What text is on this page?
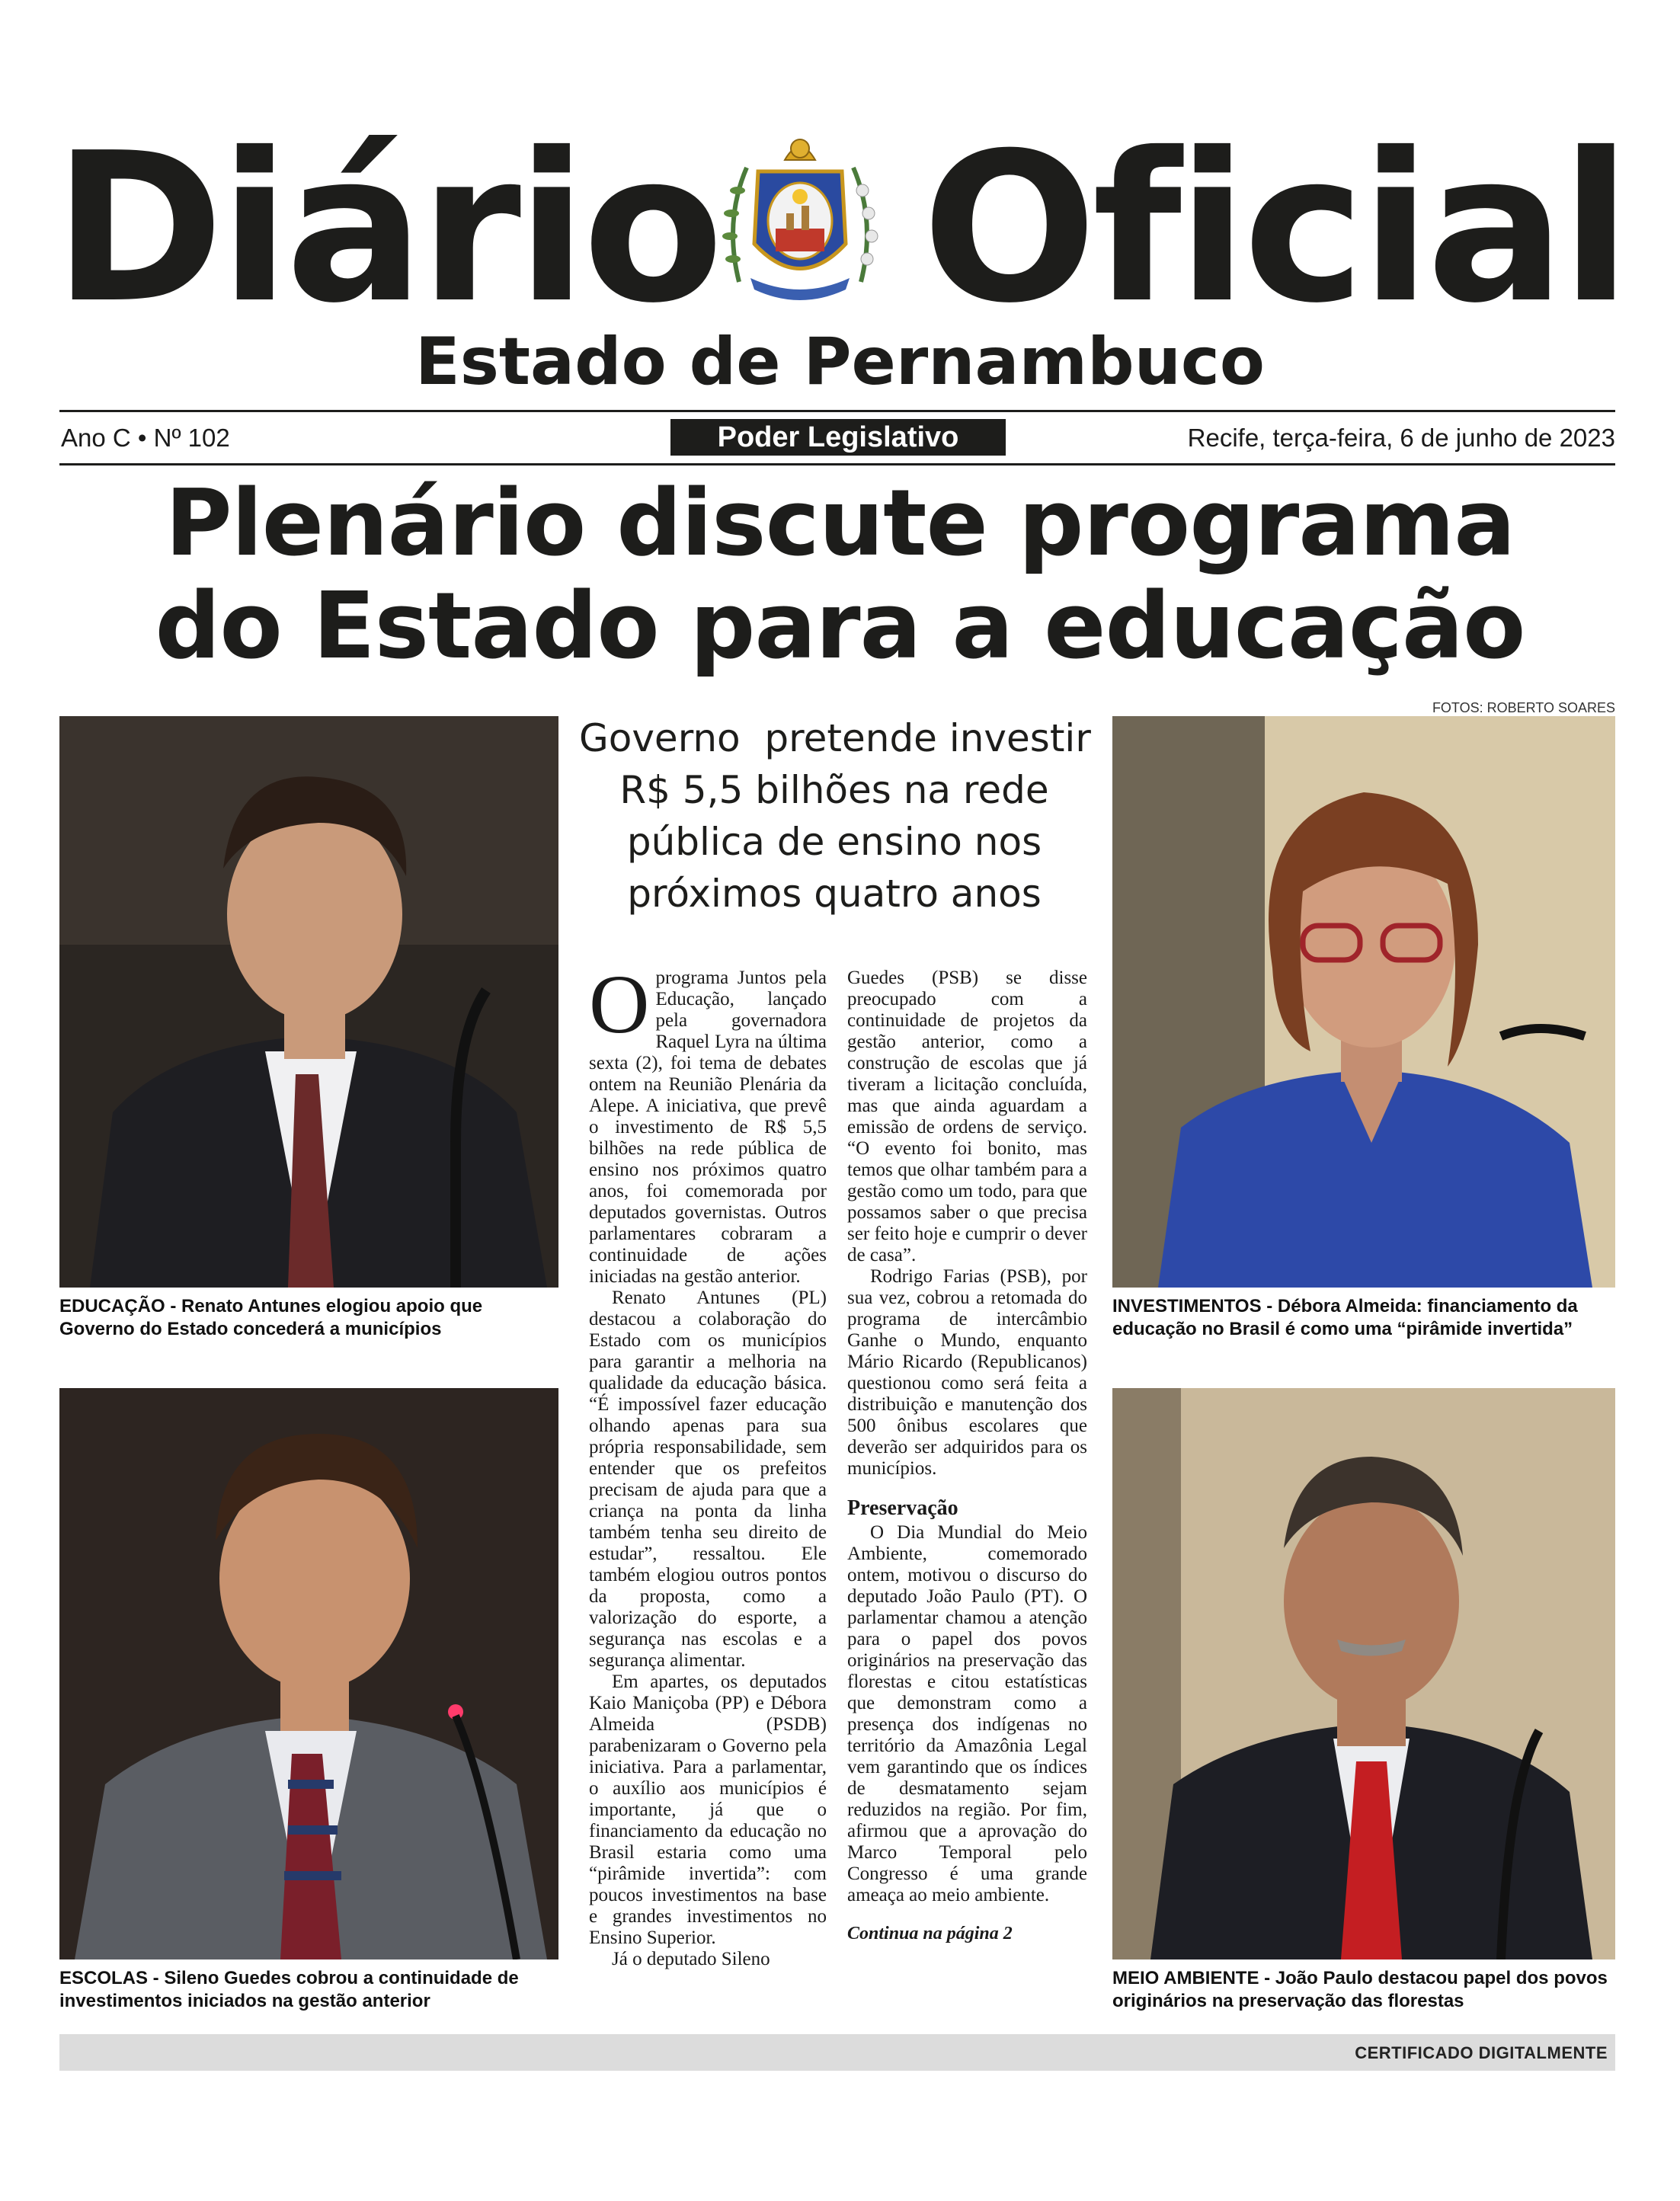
Diário Oficial
Estado de Pernambuco
Ano C • Nº 102	Poder Legislativo	Recife, terça-feira, 6 de junho de 2023
Plenário discute programa
do Estado para a educação
FOTOS: ROBERTO SOARES
EDUCAÇÃO - Renato Antunes elogiou apoio que Governo do Estado concederá a municípios
INVESTIMENTOS - Débora Almeida: financiamento da educação no Brasil é como uma “pirâmide invertida”
ESCOLAS - Sileno Guedes cobrou a continuidade de investimentos iniciados na gestão anterior
MEIO AMBIENTE - João Paulo destacou papel dos povos originários na preservação das florestas
Governo  pretende investir
R$ 5,5 bilhões na rede
pública de ensino nos
próximos quatro anos

O programa Juntos pela Educação, lançado pela governadora Raquel Lyra na última sexta (2), foi tema de debates ontem na Reunião Plenária da Alepe. A iniciativa, que prevê o investimento de R$ 5,5 bilhões na rede pública de ensino nos próximos quatro anos, foi comemorada por deputados governistas. Outros parlamentares cobraram a continuidade de ações iniciadas na gestão anterior.

Renato Antunes (PL) destacou a colaboração do Estado com os municípios para garantir a melhoria na qualidade da educação básica. “É impossível fazer educação olhando apenas para sua própria responsabilidade, sem entender que os prefeitos precisam de ajuda para que a criança na ponta da linha também tenha seu direito de estudar”, ressaltou. Ele também elogiou outros pontos da proposta, como a valorização do esporte, a segurança nas escolas e a segurança alimentar.

Em apartes, os deputados Kaio Maniçoba (PP) e Débora Almeida (PSDB) parabenizaram o Governo pela iniciativa. Para a parlamentar, o auxílio aos municípios é importante, já que o financiamento da educação no Brasil estaria como uma “pirâmide invertida”: com poucos investimentos na base e grandes investimentos no Ensino Superior.

Já o deputado Sileno

Guedes (PSB) se disse preocupado com a continuidade de projetos da gestão anterior, como a construção de escolas que já tiveram a licitação concluída, mas que ainda aguardam a emissão de ordens de serviço. “O evento foi bonito, mas temos que olhar também para a gestão como um todo, para que possamos saber o que precisa ser feito hoje e cumprir o dever de casa”.

Rodrigo Farias (PSB), por sua vez, cobrou a retomada do programa de intercâmbio Ganhe o Mundo, enquanto Mário Ricardo (Republicanos) questionou como será feita a distribuição e manutenção dos 500 ônibus escolares que deverão ser adquiridos para os municípios.

Preservação

O Dia Mundial do Meio Ambiente, comemorado ontem, motivou o discurso do deputado João Paulo (PT). O parlamentar chamou a atenção para o papel dos povos originários na preservação das florestas e citou estatísticas que demonstram como a presença dos indígenas no território da Amazônia Legal vem garantindo que os índices de desmatamento sejam reduzidos na região. Por fim, afirmou que a aprovação do Marco Temporal pelo Congresso é uma grande ameaça ao meio ambiente.

Continua na página 2
CERTIFICADO DIGITALMENTE
